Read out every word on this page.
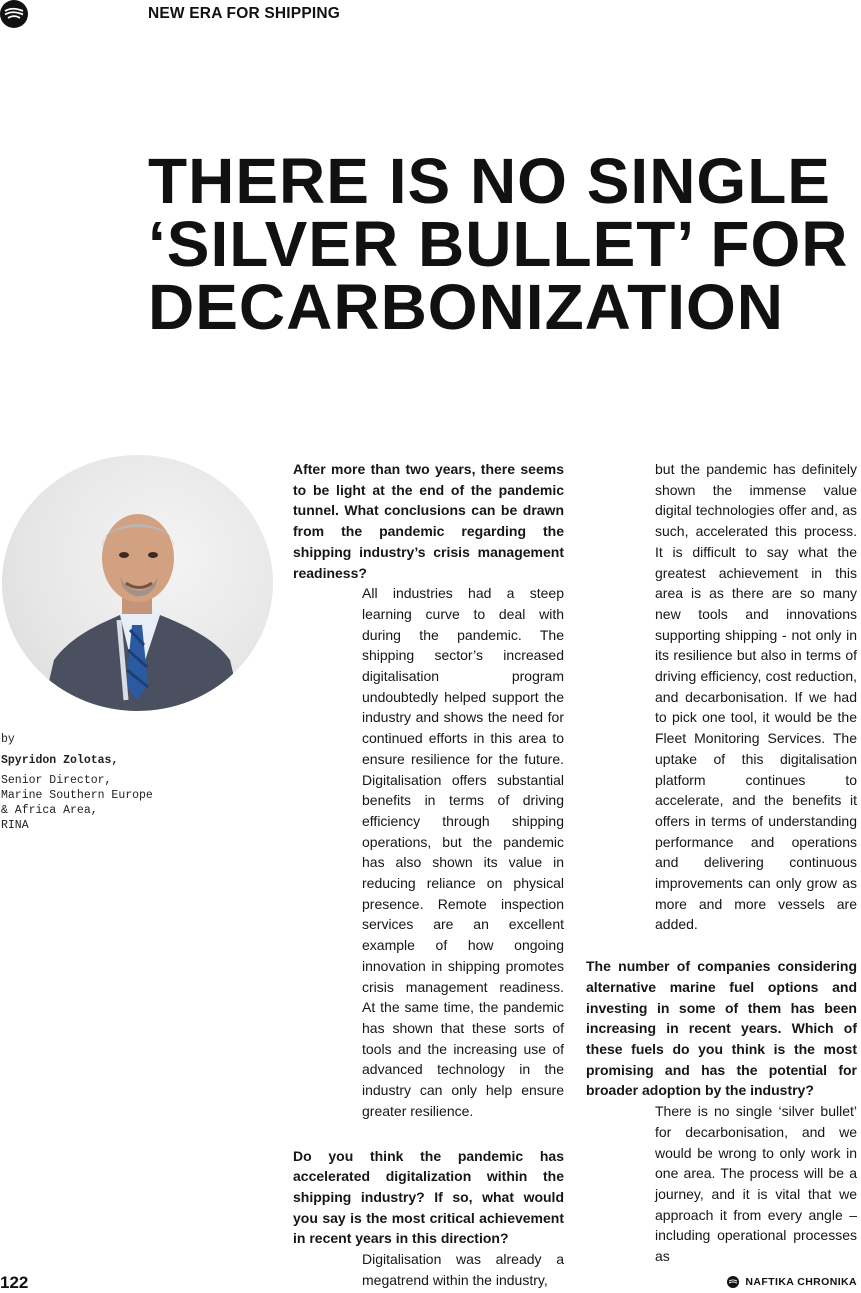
NEW ERA FOR SHIPPING
THERE IS NO SINGLE
‘SILVER BULLET’ FOR
DECARBONIZATION
by
Spyridon Zolotas,
Senior Director,
Marine Southern Europe
& Africa Area,
RINA

After more than two years, there seems to be light at the end of the pandemic tunnel. What conclusions can be drawn from the pandemic regarding the shipping industry’s crisis management readiness?

All industries had a steep learning curve to deal with during the pandemic. The shipping sector’s increased digitalisation program undoubtedly helped support the industry and shows the need for continued efforts in this area to ensure resilience for the future. Digitalisation offers substantial benefits in terms of driving efficiency through shipping operations, but the pandemic has also shown its value in reducing reliance on physical presence. Remote inspection services are an excellent example of how ongoing innovation in shipping promotes crisis management readiness. At the same time, the pandemic has shown that these sorts of tools and the increasing use of advanced technology in the industry can only help ensure greater resilience.

Do you think the pandemic has accelerated digitalization within the shipping industry? If so, what would you say is the most critical achievement in recent years in this direction?

Digitalisation was already a megatrend within the industry,

but the pandemic has definitely shown the immense value digital technologies offer and, as such, accelerated this process. It is difficult to say what the greatest achievement in this area is as there are so many new tools and innovations supporting shipping - not only in its resilience but also in terms of driving efficiency, cost reduction, and decarbonisation. If we had to pick one tool, it would be the Fleet Monitoring Services. The uptake of this digitalisation platform continues to accelerate, and the benefits it offers in terms of understanding performance and operations and delivering continuous improvements can only grow as more and more vessels are added.

The number of companies considering alternative marine fuel options and investing in some of them has been increasing in recent years. Which of these fuels do you think is the most promising and has the potential for broader adoption by the industry?

There is no single ‘silver bullet’ for decarbonisation, and we would be wrong to only work in one area. The process will be a journey, and it is vital that we approach it from every angle – including operational processes as

122	NAFTIKA CHRONIKA
